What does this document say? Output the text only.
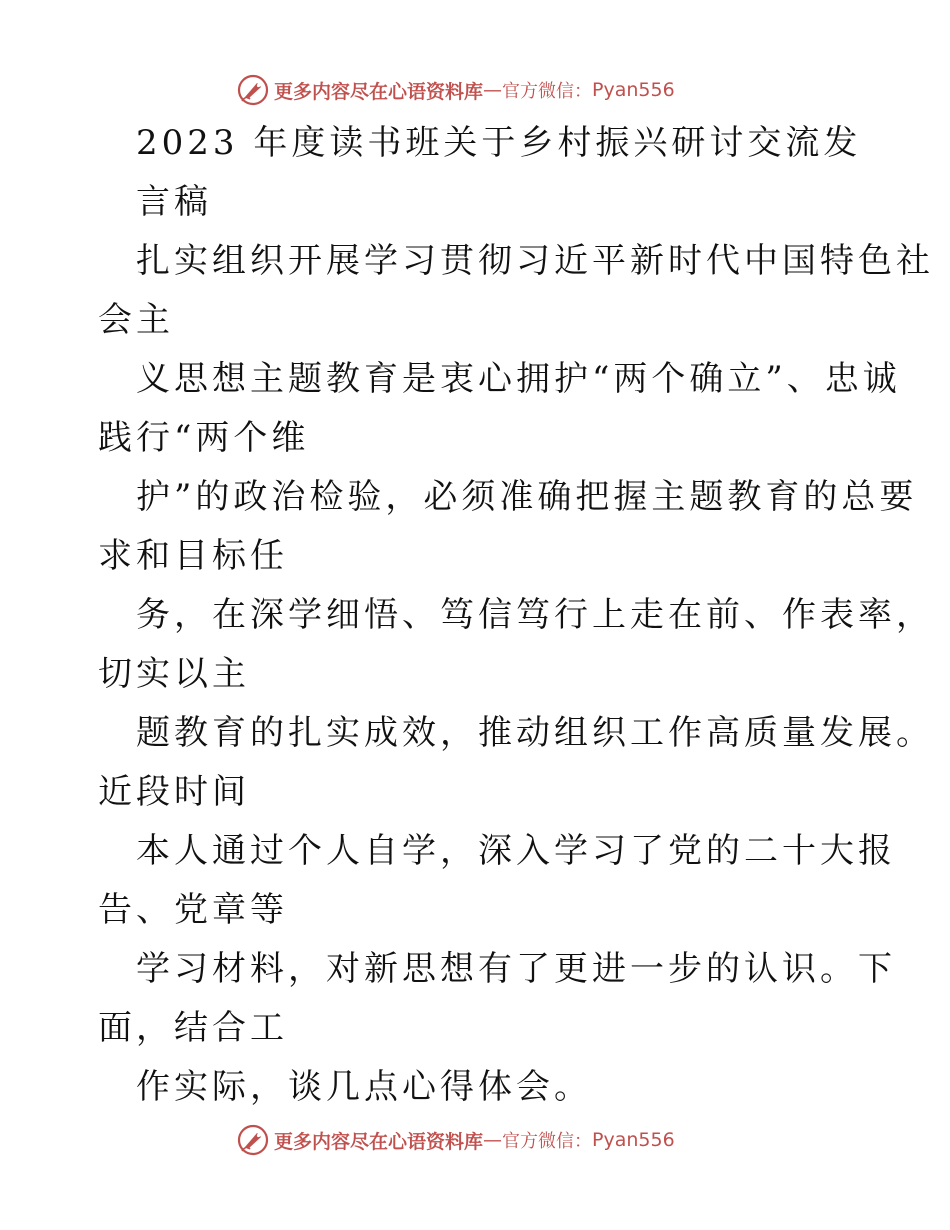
更多内容尽在心语资料库 — 官方微信： Pyan556
2023 年度读书班关于乡村振兴研讨交流发
言稿
扎实组织开展学习贯彻习近平新时代中国特色社
会主
义思想主题教育是衷心拥护“两个确立”、忠诚
践行“两个维
护”的政治检验，必须准确把握主题教育的总要
求和目标任
务，在深学细悟、笃信笃行上走在前、作表率，
切实以主
题教育的扎实成效，推动组织工作高质量发展。
近段时间
本人通过个人自学，深入学习了党的二十大报
告、党章等
学习材料，对新思想有了更进一步的认识。下
面，结合工
作实际，谈几点心得体会。
更多内容尽在心语资料库 — 官方微信： Pyan556
